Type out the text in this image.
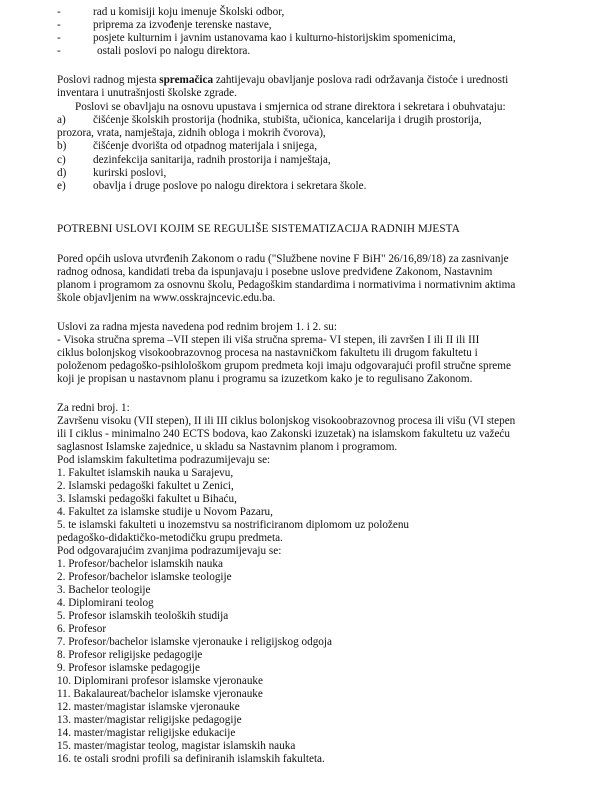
-	rad u komisiji koju imenuje Školski odbor,
-	priprema za izvođenje terenske nastave,
-	posjete kulturnim i javnim ustanovama kao i kulturno-historijskim spomenicima,
-	ostali poslovi po nalogu direktora.
Poslovi radnog mjesta spremačica zahtijevaju obavljanje poslova radi održavanja čistoće i urednosti
inventara i unutrašnjosti školske zgrade.
Poslovi se obavljaju na osnovu upustava i smjernica od strane direktora i sekretara i obuhvataju:
a) čišćenje školskih prostorija (hodnika, stubišta, učionica, kancelarija i drugih prostorija,
prozora, vrata, namještaja, zidnih obloga i mokrih čvorova),
b) čišćenje dvorišta od otpadnog materijala i snijega,
c) dezinfekcija sanitarija, radnih prostorija i namještaja,
d) kurirski poslovi,
e) obavlja i druge poslove po nalogu direktora i sekretara škole.
POTREBNI USLOVI KOJIM SE REGULIŠE SISTEMATIZACIJA RADNIH MJESTA
Pored općih uslova utvrđenih Zakonom o radu ("Službene novine F BiH" 26/16,89/18) za zasnivanje
radnog odnosa, kandidati treba da ispunjavaju i posebne uslove predviđene Zakonom, Nastavnim
planom i programom za osnovnu školu, Pedagoškim standardima i normativima i normativnim aktima
škole objavljenim na www.osskrajncevic.edu.ba.
Uslovi za radna mjesta navedena pod rednim brojem 1. i 2. su:
- Visoka stručna sprema –VII stepen ili viša stručna sprema- VI stepen, ili završen I ili II ili III
ciklus bolonjskog visokoobrazovnog procesa na nastavničkom fakultetu ili drugom fakultetu i
položenom pedagoško-psihlološkom grupom predmeta koji imaju odgovarajući profil stručne spreme
koji je propisan u nastavnom planu i programu sa izuzetkom kako je to regulisano Zakonom.
Za redni broj. 1:
Završenu visoku (VII stepen), II ili III ciklus bolonjskog visokoobrazovnog procesa ili višu (VI stepen
ili I ciklus - minimalno 240 ECTS bodova, kao Zakonski izuzetak) na islamskom fakultetu uz važeću
saglasnost Islamske zajednice, u skladu sa Nastavnim planom i programom.
Pod islamskim fakultetima podrazumijevaju se:
1. Fakultet islamskih nauka u Sarajevu,
2. Islamski pedagoški fakultet u Zenici,
3. Islamski pedagoški fakultet u Bihaću,
4. Fakultet za islamske studije u Novom Pazaru,
5. te islamski fakulteti u inozemstvu sa nostrificiranom diplomom uz položenu
pedagoško-didaktičko-metodičku grupu predmeta.
Pod odgovarajućim zvanjima podrazumijevaju se:
1. Profesor/bachelor islamskih nauka
2. Profesor/bachelor islamske teologije
3. Bachelor teologije
4. Diplomirani teolog
5. Profesor islamskih teoloških studija
6. Profesor
7. Profesor/bachelor islamske vjeronauke i religijskog odgoja
8. Profesor religijske pedagogije
9. Profesor islamske pedagogije
10. Diplomirani profesor islamske vjeronauke
11. Bakalaureat/bachelor islamske vjeronauke
12. master/magistar islamske vjeronauke
13. master/magistar religijske pedagogije
14. master/magistar religijske edukacije
15. master/magistar teolog, magistar islamskih nauka
16. te ostali srodni profili sa definiranih islamskih fakulteta.
